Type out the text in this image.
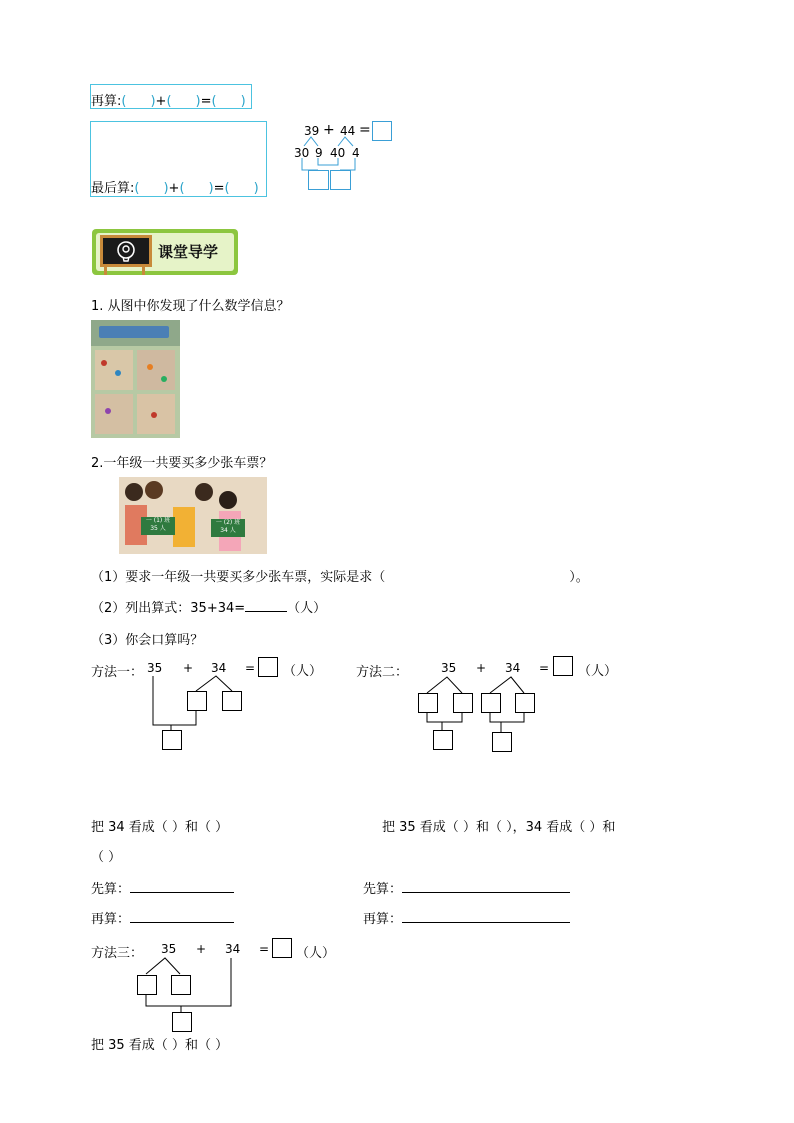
再算:( )+( )=( )
最后算:( )+( )=( )
39 + 44 =
30 9 40 4
课堂导学
1. 从图中你发现了什么数学信息？
2.一年级一共要买多少张车票？
一 (1) 班
35 人
一 (2) 班
34 人
（1）要求一年级一共要买多少张车票，实际是求（	）。
（2）列出算式：35+34=	（人）
（3）你会口算吗？
方法一： 35 + 34 = （人）	方法二：	35 + 34 = （人）
把 34 看成（ ）和（ ）	把 35 看成（ ）和（ ），34 看成（ ）和
（ ）
先算：	先算：
再算：	再算：
方法三： 35 + 34 = （人）
把 35 看成（ ）和（ ）
